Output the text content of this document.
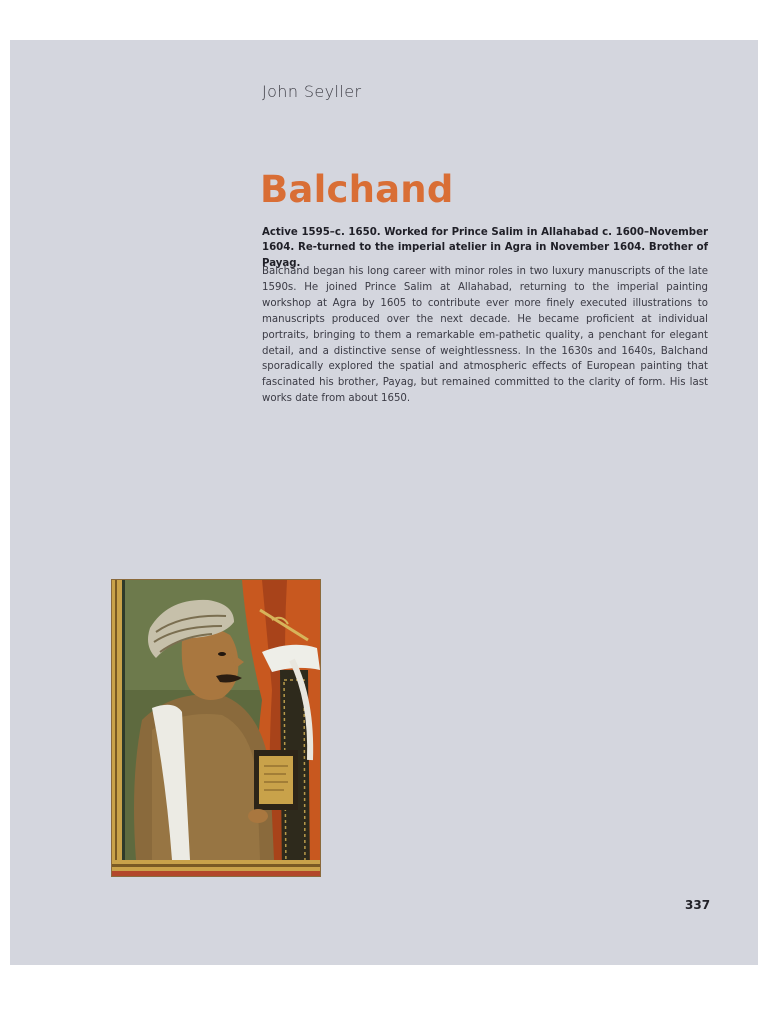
John Seyller
Balchand

Active 1595–c. 1650. Worked for Prince Salim in Allahabad c. 1600–November 1604. Re-turned to the imperial atelier in Agra in November 1604. Brother of Payag.

Balchand began his long career with minor roles in two luxury manuscripts of the late 1590s. He joined Prince Salim at Allahabad, returning to the imperial painting workshop at Agra by 1605 to contribute ever more finely executed illustrations to manuscripts produced over the next decade. He became proficient at individual portraits, bringing to them a remarkable em-pathetic quality, a penchant for elegant detail, and a distinctive sense of weightlessness. In the 1630s and 1640s, Balchand sporadically explored the spatial and atmospheric effects of European painting that fascinated his brother, Payag, but remained committed to the clarity of form. His last works date from about 1650.

337
